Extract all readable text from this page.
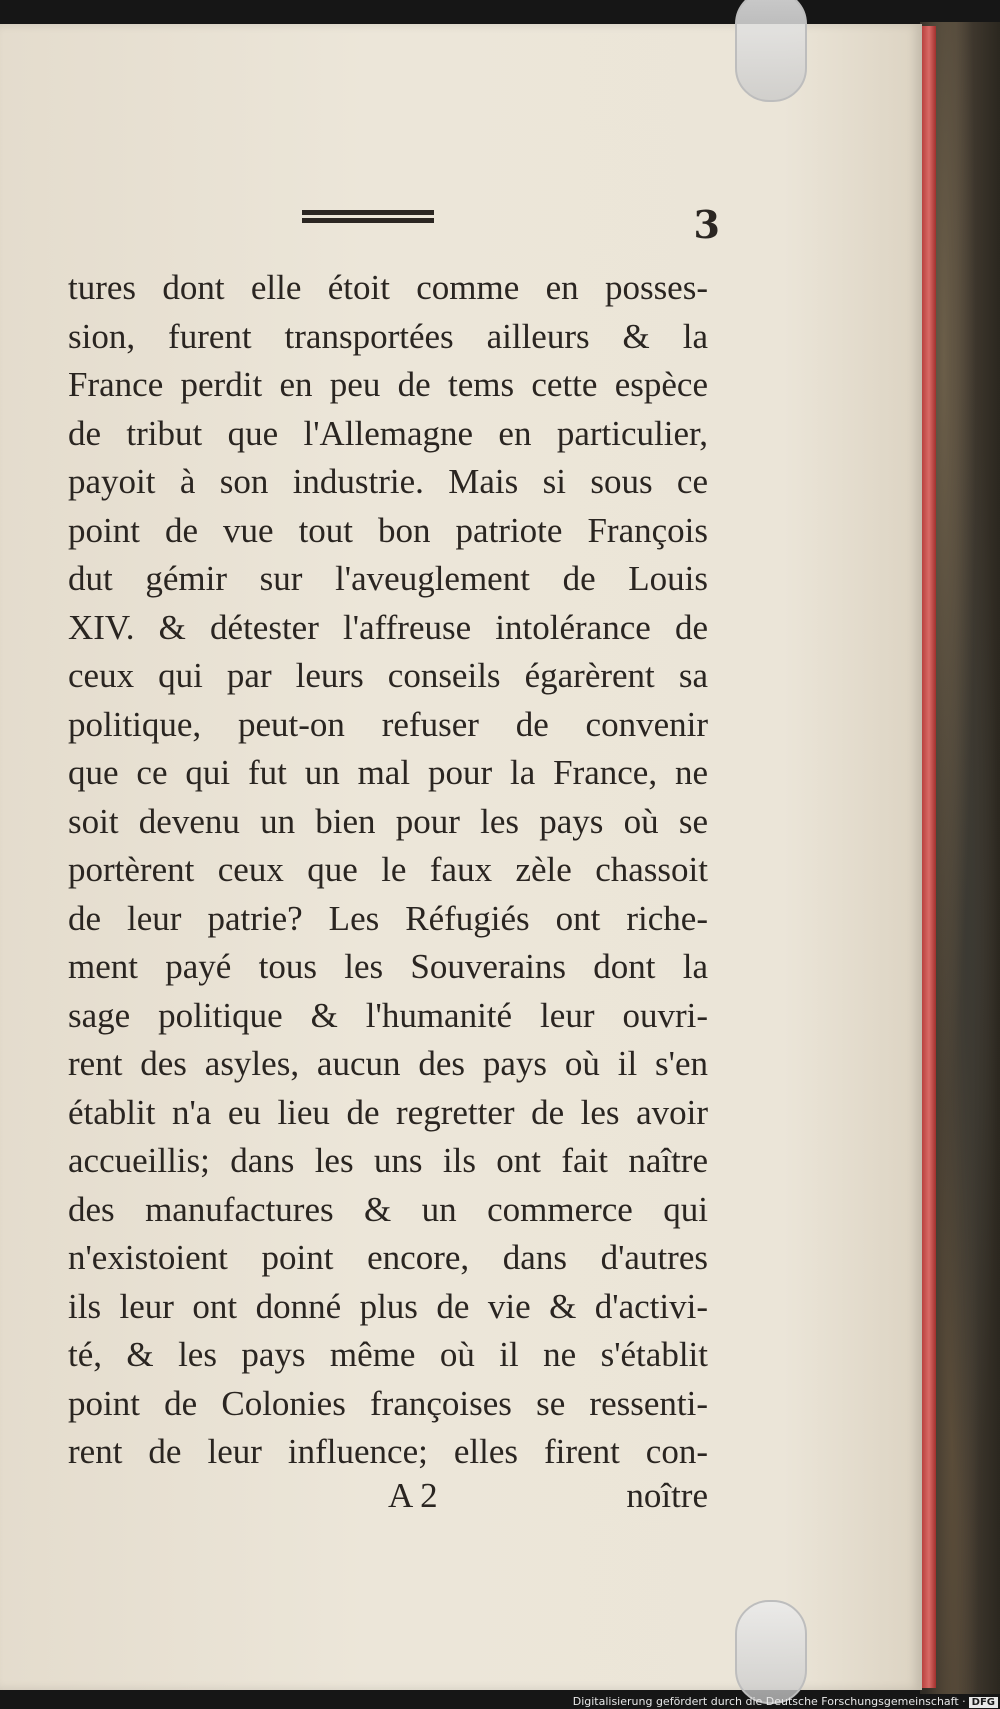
3
tures dont elle étoit comme en posses-
sion, furent transportées ailleurs & la
France perdit en peu de tems cette espèce
de tribut que l'Allemagne en particulier,
payoit à son industrie. Mais si sous ce
point de vue tout bon patriote François
dut gémir sur l'aveuglement de Louis
XIV. & détester l'affreuse intolérance de
ceux qui par leurs conseils égarèrent sa
politique, peut-on refuser de convenir
que ce qui fut un mal pour la France, ne
soit devenu un bien pour les pays où se
portèrent ceux que le faux zèle chassoit
de leur patrie? Les Réfugiés ont riche-
ment payé tous les Souverains dont la
sage politique & l'humanité leur ouvri-
rent des asyles, aucun des pays où il s'en
établit n'a eu lieu de regretter de les avoir
accueillis; dans les uns ils ont fait naître
des manufactures & un commerce qui
n'existoient point encore, dans d'autres
ils leur ont donné plus de vie & d'activi-
té, & les pays même où il ne s'établit
point de Colonies françoises se ressenti-
rent de leur influence; elles firent con-
A 2	noître
Digitalisierung gefördert durch die Deutsche Forschungsgemeinschaft · DFG
